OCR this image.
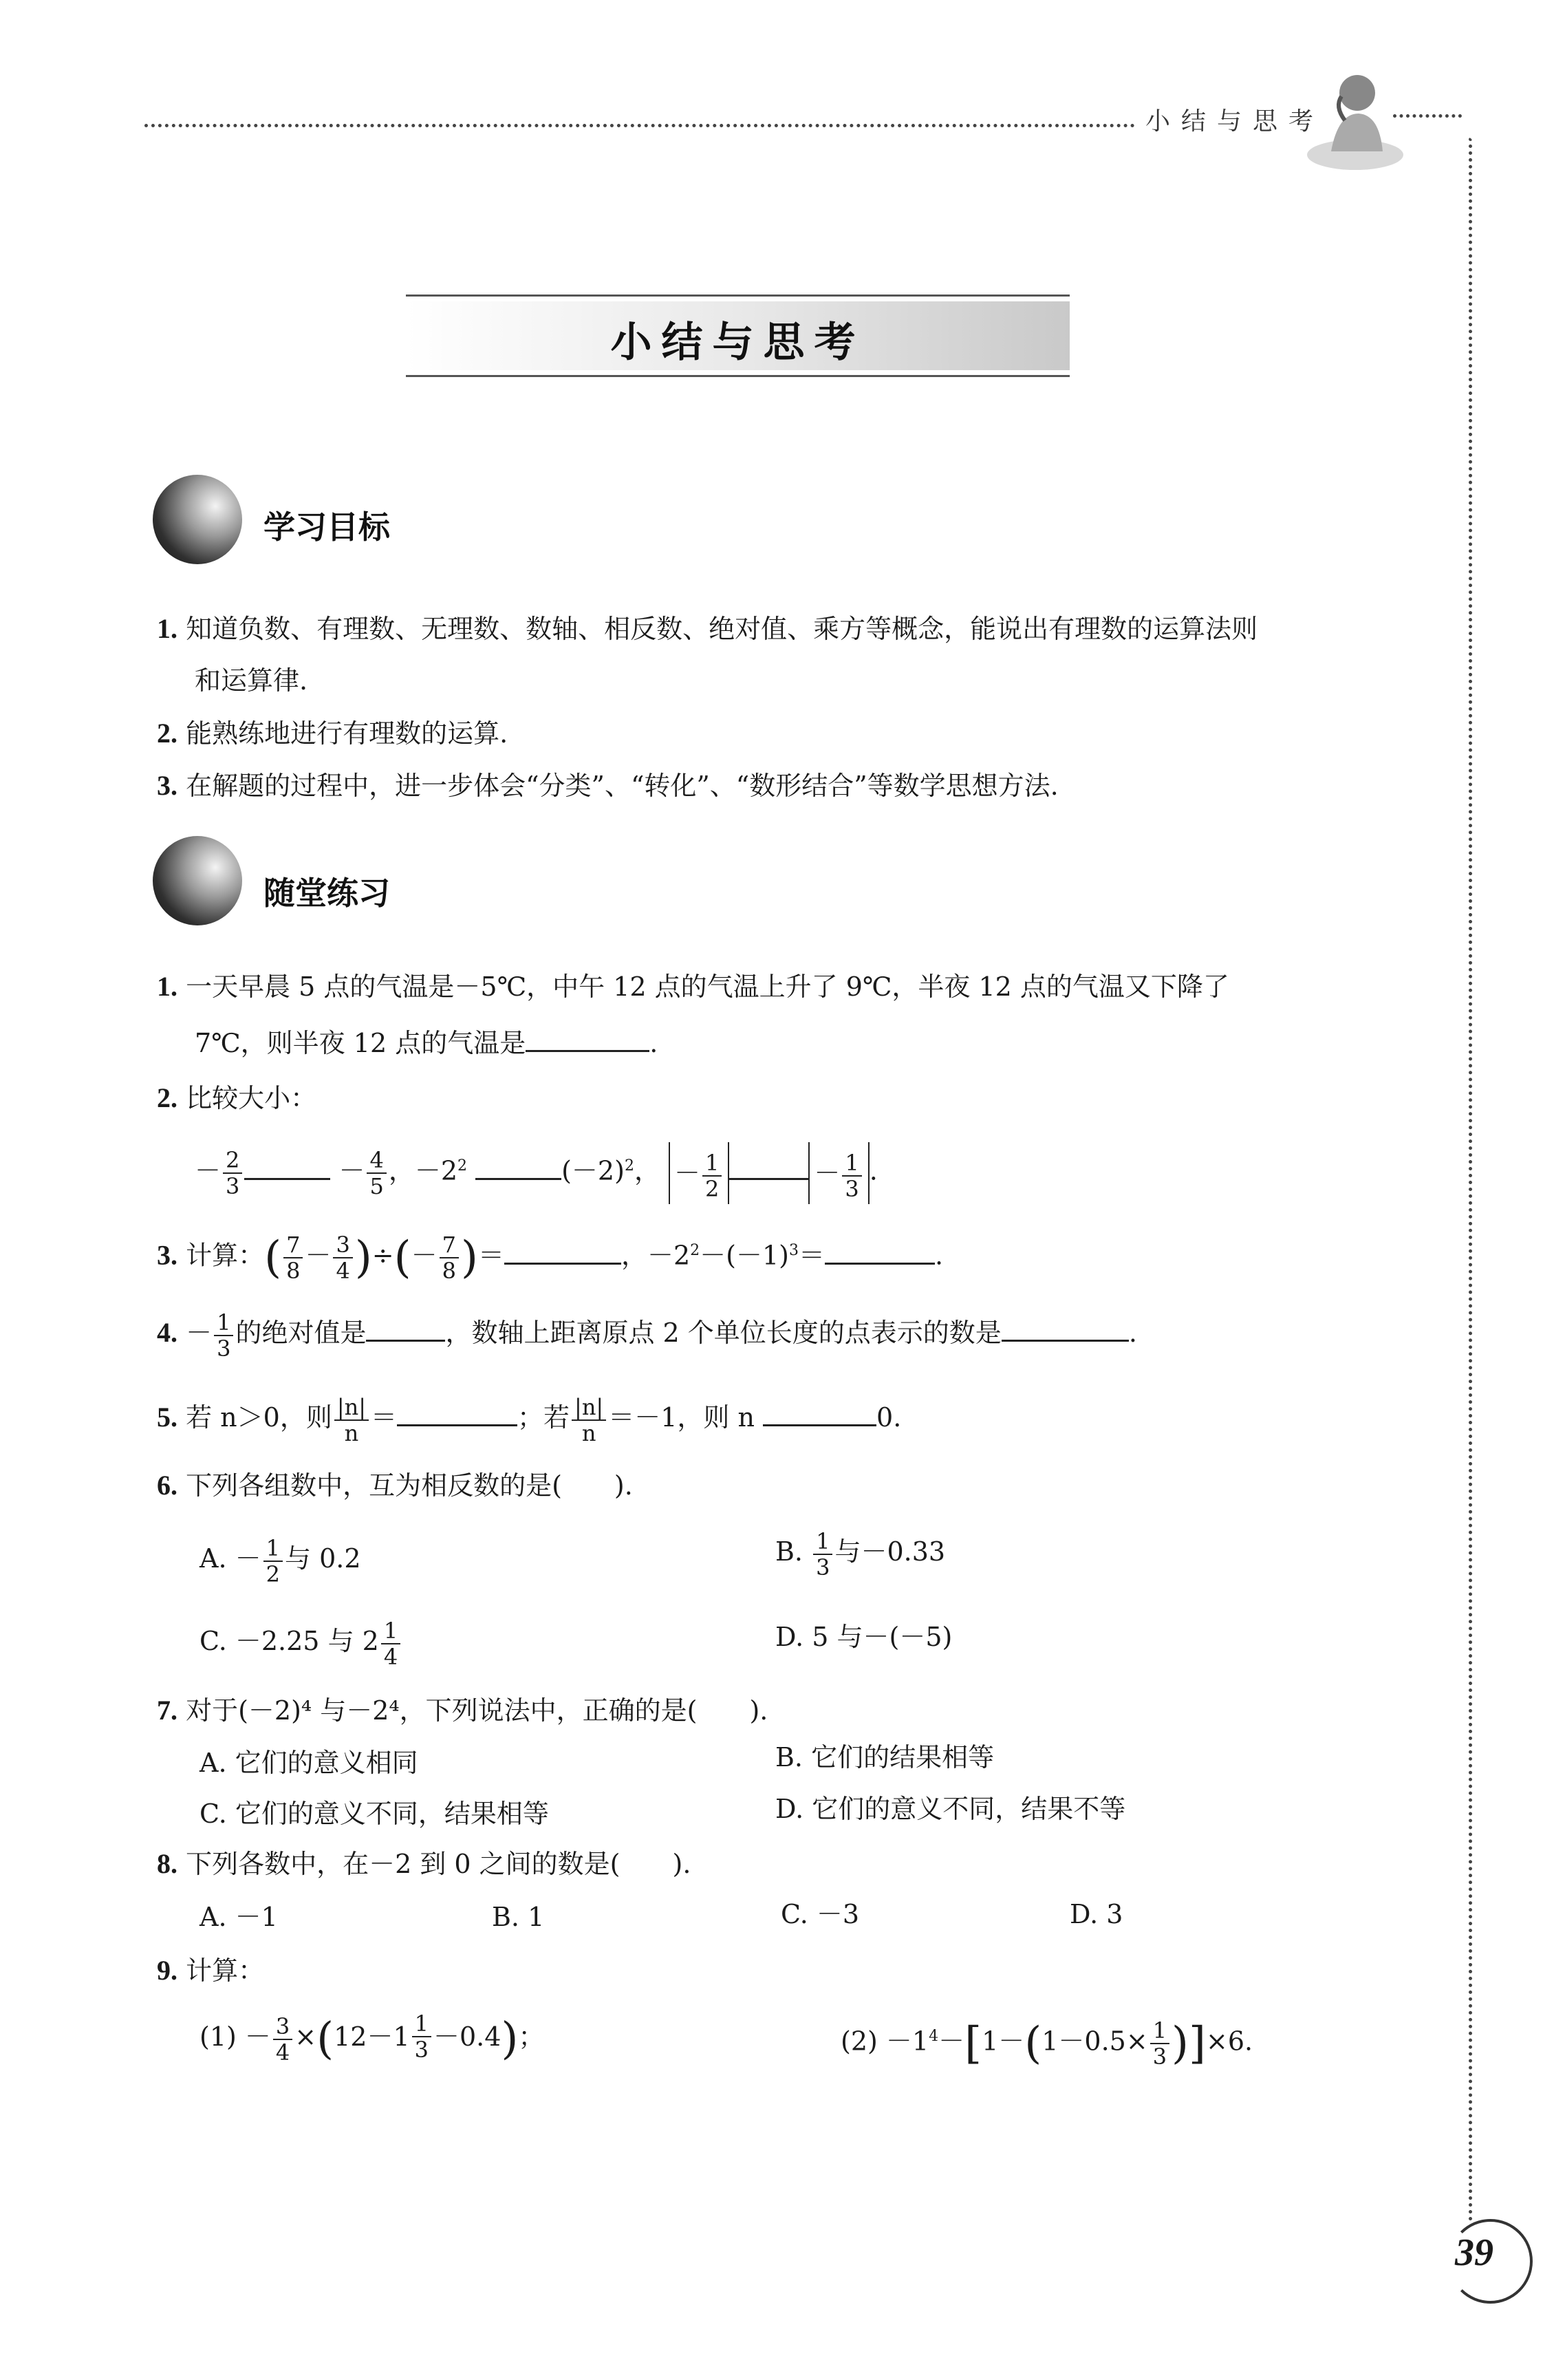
小结与思考
小结与思考
学习目标
1. 知道负数、有理数、无理数、数轴、相反数、绝对值、乘方等概念，能说出有理数的运算法则
和运算律.
2. 能熟练地进行有理数的运算.
3. 在解题的过程中，进一步体会“分类”、“转化”、“数形结合”等数学思想方法.
随堂练习
1. 一天早晨 5 点的气温是－5℃，中午 12 点的气温上升了 9℃，半夜 12 点的气温又下降了
7℃，则半夜 12 点的气温是	.
2. 比较大小：
－ $\frac{2}{3}$	－ $\frac{4}{5}$ ，$-2^2$	$(-2)^2$， － $\frac{1}{2}$	－ $\frac{1}{3}$ .
3. 计算：( $\frac{7}{8} - \frac{3}{4}$ )÷(－ $\frac{7}{8}$ )＝	，$-2^2-(-1)^3=$	.
4. － $\frac{1}{3}$ 的绝对值是	，数轴上距离原点 2 个单位长度的点表示的数是	.
5. 若 n＞0，则 $\frac{|n|}{n}$ ＝	；若 $\frac{|n|}{n} =-1$，则 n	0.
6. 下列各组数中，互为相反数的是(　　).
A. － $\frac{1}{2}$ 与 0.2	B. $\frac{1}{3}$ 与－0.33
C. －2.25 与 $2 \frac{1}{4}$	D. 5 与－(－5)
7. 对于(－2)⁴ 与－2⁴，下列说法中，正确的是(　　).
A. 它们的意义相同	B. 它们的结果相等
C. 它们的意义不同，结果相等	D. 它们的意义不同，结果不等
8. 下列各数中，在－2 到 0 之间的数是(　　).
A. －1	B. 1	C. －3	D. 3
9. 计算：
$(1) - \frac{3}{4} \times(12-1 \frac{1}{3} -0.4)$；	$(2) -1^4-[1-(1-0.5\times \frac{1}{3} )]\times 6$.
39
